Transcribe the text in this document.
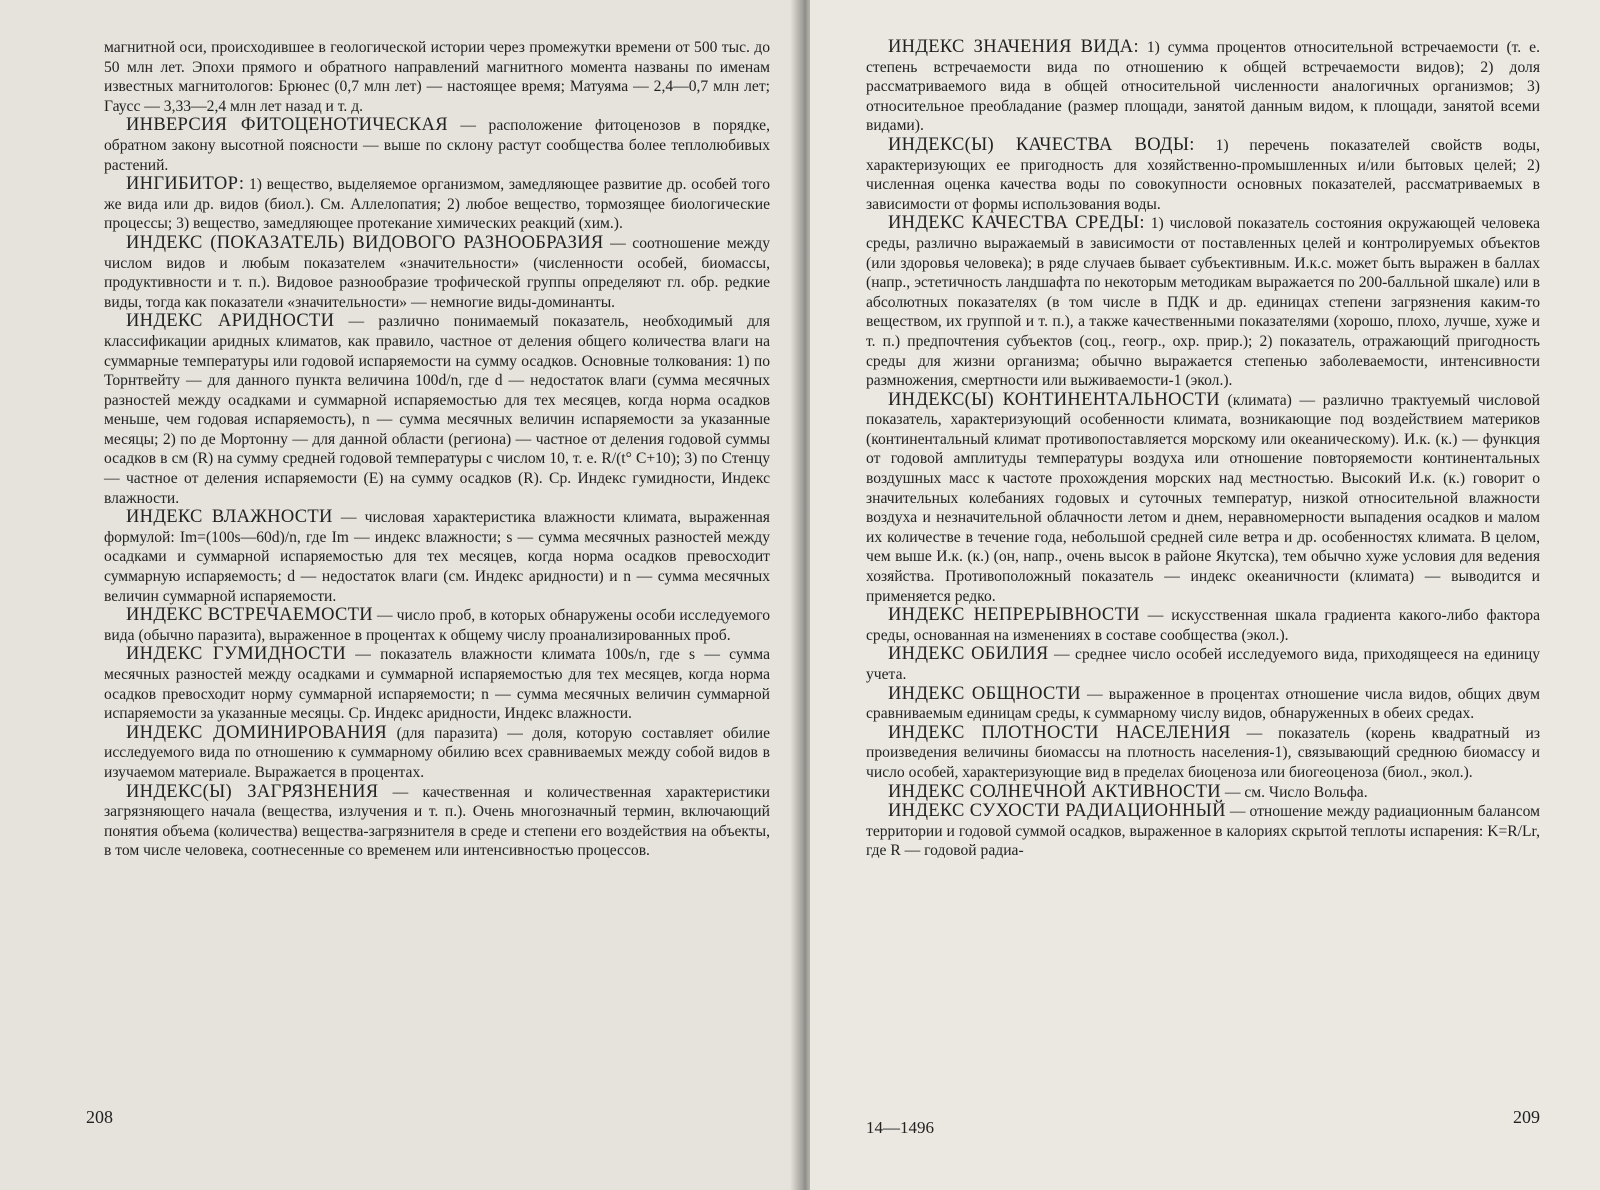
магнитной оси, происходившее в геологической истории через промежутки времени от 500 тыс. до 50 млн лет. Эпохи прямого и обратного направлений магнитного момента названы по именам известных магнитологов: Брюнес (0,7 млн лет) — настоящее время; Матуяма — 2,4—0,7 млн лет; Гаусс — 3,33—2,4 млн лет назад и т. д.

ИНВЕРСИЯ ФИТОЦЕНОТИЧЕСКАЯ — расположение фитоценозов в порядке, обратном закону высотной поясности — выше по склону растут сообщества более теплолюбивых растений.

ИНГИБИТОР: 1) вещество, выделяемое организмом, замедляющее развитие др. особей того же вида или др. видов (биол.). См. Аллелопатия; 2) любое вещество, тормозящее биологические процессы; 3) вещество, замедляющее протекание химических реакций (хим.).

ИНДЕКС (ПОКАЗАТЕЛЬ) ВИДОВОГО РАЗНООБРАЗИЯ — соотношение между числом видов и любым показателем «значительности» (численности особей, биомассы, продуктивности и т. п.). Видовое разнообразие трофической группы определяют гл. обр. редкие виды, тогда как показатели «значительности» — немногие виды-доминанты.

ИНДЕКС АРИДНОСТИ — различно понимаемый показатель, необходимый для классификации аридных климатов, как правило, частное от деления общего количества влаги на суммарные температуры или годовой испаряемости на сумму осадков. Основные толкования: 1) по Торнтвейту — для данного пункта величина 100d/n, где d — недостаток влаги (сумма месячных разностей между осадками и суммарной испаряемостью для тех месяцев, когда норма осадков меньше, чем годовая испаряемость), n — сумма месячных величин испаряемости за указанные месяцы; 2) по де Мортонну — для данной области (региона) — частное от деления годовой суммы осадков в см (R) на сумму средней годовой температуры с числом 10, т. е. R/(t° C+10); 3) по Стенцу — частное от деления испаряемости (E) на сумму осадков (R). Ср. Индекс гумидности, Индекс влажности.

ИНДЕКС ВЛАЖНОСТИ — числовая характеристика влажности климата, выраженная формулой: Im=(100s—60d)/n, где Im — индекс влажности; s — сумма месячных разностей между осадками и суммарной испаряемостью для тех месяцев, когда норма осадков превосходит суммарную испаряемость; d — недостаток влаги (см. Индекс аридности) и n — сумма месячных величин суммарной испаряемости.

ИНДЕКС ВСТРЕЧАЕМОСТИ — число проб, в которых обнаружены особи исследуемого вида (обычно паразита), выраженное в процентах к общему числу проанализированных проб.

ИНДЕКС ГУМИДНОСТИ — показатель влажности климата 100s/n, где s — сумма месячных разностей между осадками и суммарной испаряемостью для тех месяцев, когда норма осадков превосходит норму суммарной испаряемости; n — сумма месячных величин суммарной испаряемости за указанные месяцы. Ср. Индекс аридности, Индекс влажности.

ИНДЕКС ДОМИНИРОВАНИЯ (для паразита) — доля, которую составляет обилие исследуемого вида по отношению к суммарному обилию всех сравниваемых между собой видов в изучаемом материале. Выражается в процентах.

ИНДЕКС(Ы) ЗАГРЯЗНЕНИЯ — качественная и количественная характеристики загрязняющего начала (вещества, излучения и т. п.). Очень многозначный термин, включающий понятия объема (количества) вещества-загрязнителя в среде и степени его воздействия на объекты, в том числе человека, соотнесенные со временем или интенсивностью процессов.

208

ИНДЕКС ЗНАЧЕНИЯ ВИДА: 1) сумма процентов относительной встречаемости (т. е. степень встречаемости вида по отношению к общей встречаемости видов); 2) доля рассматриваемого вида в общей относительной численности аналогичных организмов; 3) относительное преобладание (размер площади, занятой данным видом, к площади, занятой всеми видами).

ИНДЕКС(Ы) КАЧЕСТВА ВОДЫ: 1) перечень показателей свойств воды, характеризующих ее пригодность для хозяйственно-промышленных и/или бытовых целей; 2) численная оценка качества воды по совокупности основных показателей, рассматриваемых в зависимости от формы использования воды.

ИНДЕКС КАЧЕСТВА СРЕДЫ: 1) числовой показатель состояния окружающей человека среды, различно выражаемый в зависимости от поставленных целей и контролируемых объектов (или здоровья человека); в ряде случаев бывает субъективным. И.к.с. может быть выражен в баллах (напр., эстетичность ландшафта по некоторым методикам выражается по 200-балльной шкале) или в абсолютных показателях (в том числе в ПДК и др. единицах степени загрязнения каким-то веществом, их группой и т. п.), а также качественными показателями (хорошо, плохо, лучше, хуже и т. п.) предпочтения субъектов (соц., геогр., охр. прир.); 2) показатель, отражающий пригодность среды для жизни организма; обычно выражается степенью заболеваемости, интенсивности размножения, смертности или выживаемости-1 (экол.).

ИНДЕКС(Ы) КОНТИНЕНТАЛЬНОСТИ (климата) — различно трактуемый числовой показатель, характеризующий особенности климата, возникающие под воздействием материков (континентальный климат противопоставляется морскому или океаническому). И.к. (к.) — функция от годовой амплитуды температуры воздуха или отношение повторяемости континентальных воздушных масс к частоте прохождения морских над местностью. Высокий И.к. (к.) говорит о значительных колебаниях годовых и суточных температур, низкой относительной влажности воздуха и незначительной облачности летом и днем, неравномерности выпадения осадков и малом их количестве в течение года, небольшой средней силе ветра и др. особенностях климата. В целом, чем выше И.к. (к.) (он, напр., очень высок в районе Якутска), тем обычно хуже условия для ведения хозяйства. Противоположный показатель — индекс океаничности (климата) — выводится и применяется редко.

ИНДЕКС НЕПРЕРЫВНОСТИ — искусственная шкала градиента какого-либо фактора среды, основанная на изменениях в составе сообщества (экол.).

ИНДЕКС ОБИЛИЯ — среднее число особей исследуемого вида, приходящееся на единицу учета.

ИНДЕКС ОБЩНОСТИ — выраженное в процентах отношение числа видов, общих двум сравниваемым единицам среды, к суммарному числу видов, обнаруженных в обеих средах.

ИНДЕКС ПЛОТНОСТИ НАСЕЛЕНИЯ — показатель (корень квадратный из произведения величины биомассы на плотность населения-1), связывающий среднюю биомассу и число особей, характеризующие вид в пределах биоценоза или биогеоценоза (биол., экол.).

ИНДЕКС СОЛНЕЧНОЙ АКТИВНОСТИ — см. Число Вольфа.

ИНДЕКС СУХОСТИ РАДИАЦИОННЫЙ — отношение между радиационным балансом территории и годовой суммой осадков, выраженное в калориях скрытой теплоты испарения: K=R/Lr, где R — годовой радиа-

14—1496
209
